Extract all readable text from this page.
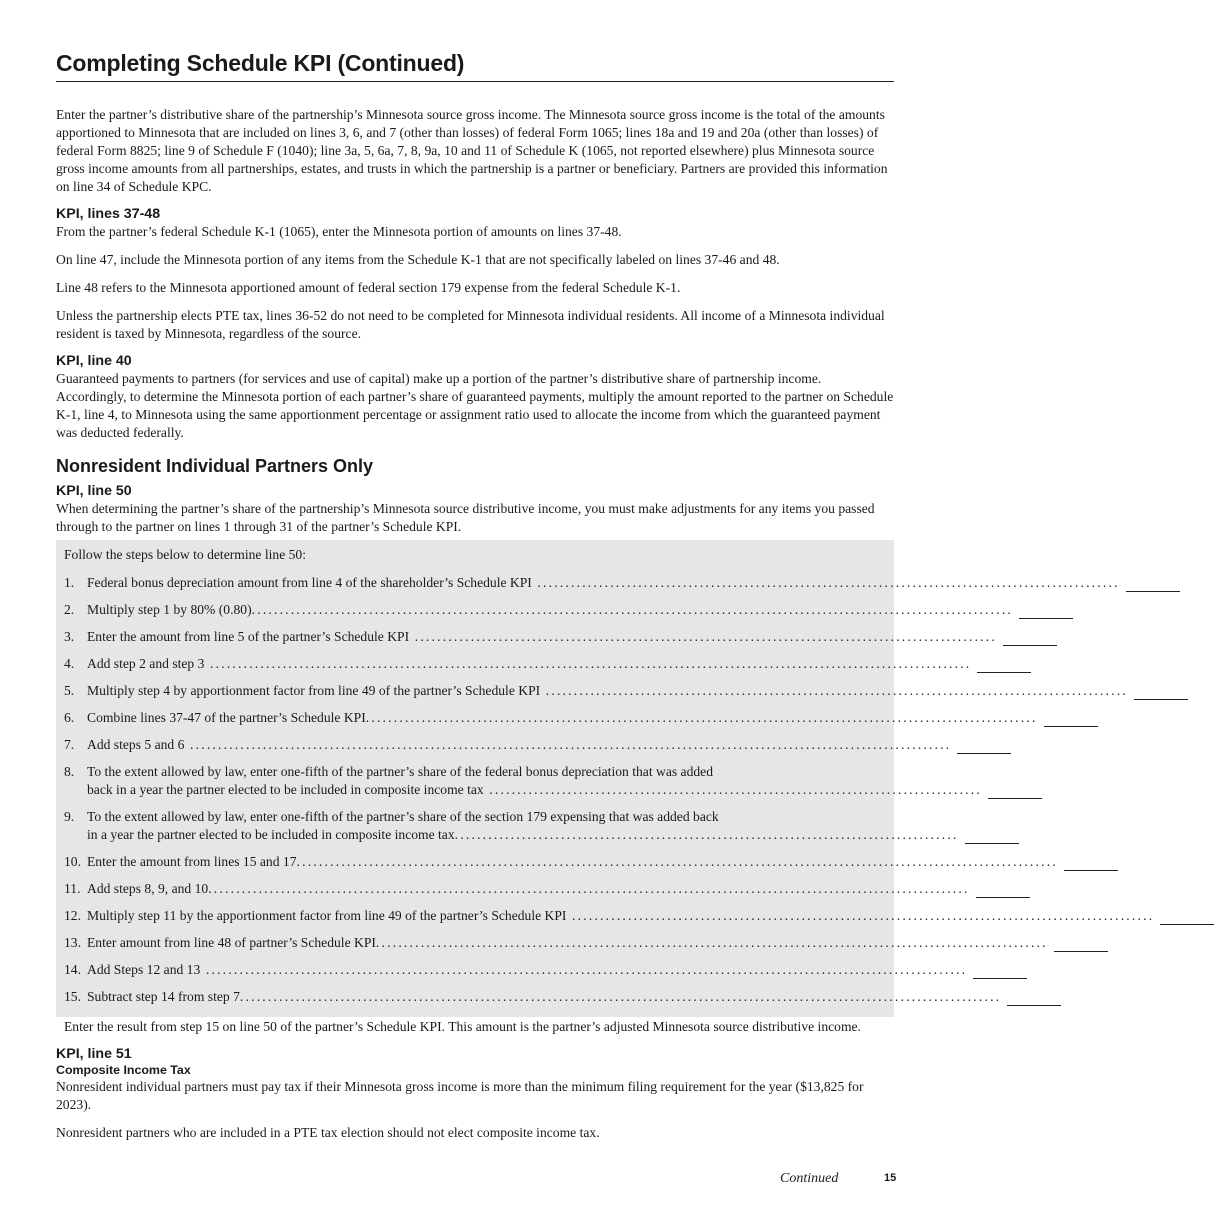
Completing Schedule KPI (Continued)

Enter the partner’s distributive share of the partnership’s Minnesota source gross income. The Minnesota source gross income is the total of the amounts apportioned to Minnesota that are included on lines 3, 6, and 7 (other than losses) of federal Form 1065; lines 18a and 19 and 20a (other than losses) of federal Form 8825; line 9 of Schedule F (1040); line 3a, 5, 6a, 7, 8, 9a, 10 and 11 of Schedule K (1065, not reported elsewhere) plus Minnesota source gross income amounts from all partnerships, estates, and trusts in which the partnership is a partner or beneficiary. Partners are provided this information on line 34 of Schedule KPC.

KPI, lines 37-48

From the partner’s federal Schedule K-1 (1065), enter the Minnesota portion of amounts on lines 37-48.

On line 47, include the Minnesota portion of any items from the Schedule K-1 that are not specifically labeled on lines 37-46 and 48.

Line 48 refers to the Minnesota apportioned amount of federal section 179 expense from the federal Schedule K-1.

Unless the partnership elects PTE tax, lines 36-52 do not need to be completed for Minnesota individual residents. All income of a Minnesota individual resident is taxed by Minnesota, regardless of the source.

KPI, line 40

Guaranteed payments to partners (for services and use of capital) make up a portion of the partner’s distributive share of partnership income. Accordingly, to determine the Minnesota portion of each partner’s share of guaranteed payments, multiply the amount reported to the partner on Schedule K-1, line 4, to Minnesota using the same apportionment percentage or assignment ratio used to allocate the income from which the guaranteed payment was deducted federally.

Nonresident Individual Partners Only
KPI, line 50

When determining the partner’s share of the partnership’s Minnesota source distributive income, you must make adjustments for any items you passed through to the partner on lines 1 through 31 of the partner’s Schedule KPI.

Follow the steps below to determine line 50:

1. Federal bonus depreciation amount from line 4 of the shareholder’s Schedule KPI ........................................................................................................
2. Multiply step 1 by 80% (0.80)........................................................................................................................................
3. Enter the amount from line 5 of the partner’s Schedule KPI ........................................................................................................
4. Add step 2 and step 3 ........................................................................................................................................
5. Multiply step 4 by apportionment factor from line 49 of the partner’s Schedule KPI ........................................................................................................
6. Combine lines 37-47 of the partner’s Schedule KPI........................................................................................................................
7. Add steps 5 and 6 ........................................................................................................................................
8. To the extent allowed by law, enter one-fifth of the partner’s share of the federal bonus depreciation that was added
back in a year the partner elected to be included in composite income tax ........................................................................................
9. To the extent allowed by law, enter one-fifth of the partner’s share of the section 179 expensing that was added back
in a year the partner elected to be included in composite income tax..........................................................................................
10. Enter the amount from lines 15 and 17........................................................................................................................................
11. Add steps 8, 9, and 10........................................................................................................................................
12. Multiply step 11 by the apportionment factor from line 49 of the partner’s Schedule KPI ........................................................................................................
13. Enter amount from line 48 of partner’s Schedule KPI........................................................................................................................
14. Add Steps 12 and 13 ........................................................................................................................................
15. Subtract step 14 from step 7........................................................................................................................................

Enter the result from step 15 on line 50 of the partner’s Schedule KPI. This amount is the partner’s adjusted Minnesota source distributive income.

KPI, line 51
Composite Income Tax

Nonresident individual partners must pay tax if their Minnesota gross income is more than the minimum filing requirement for the year ($13,825 for 2023).

Nonresident partners who are included in a PTE tax election should not elect composite income tax.

Continued	15
